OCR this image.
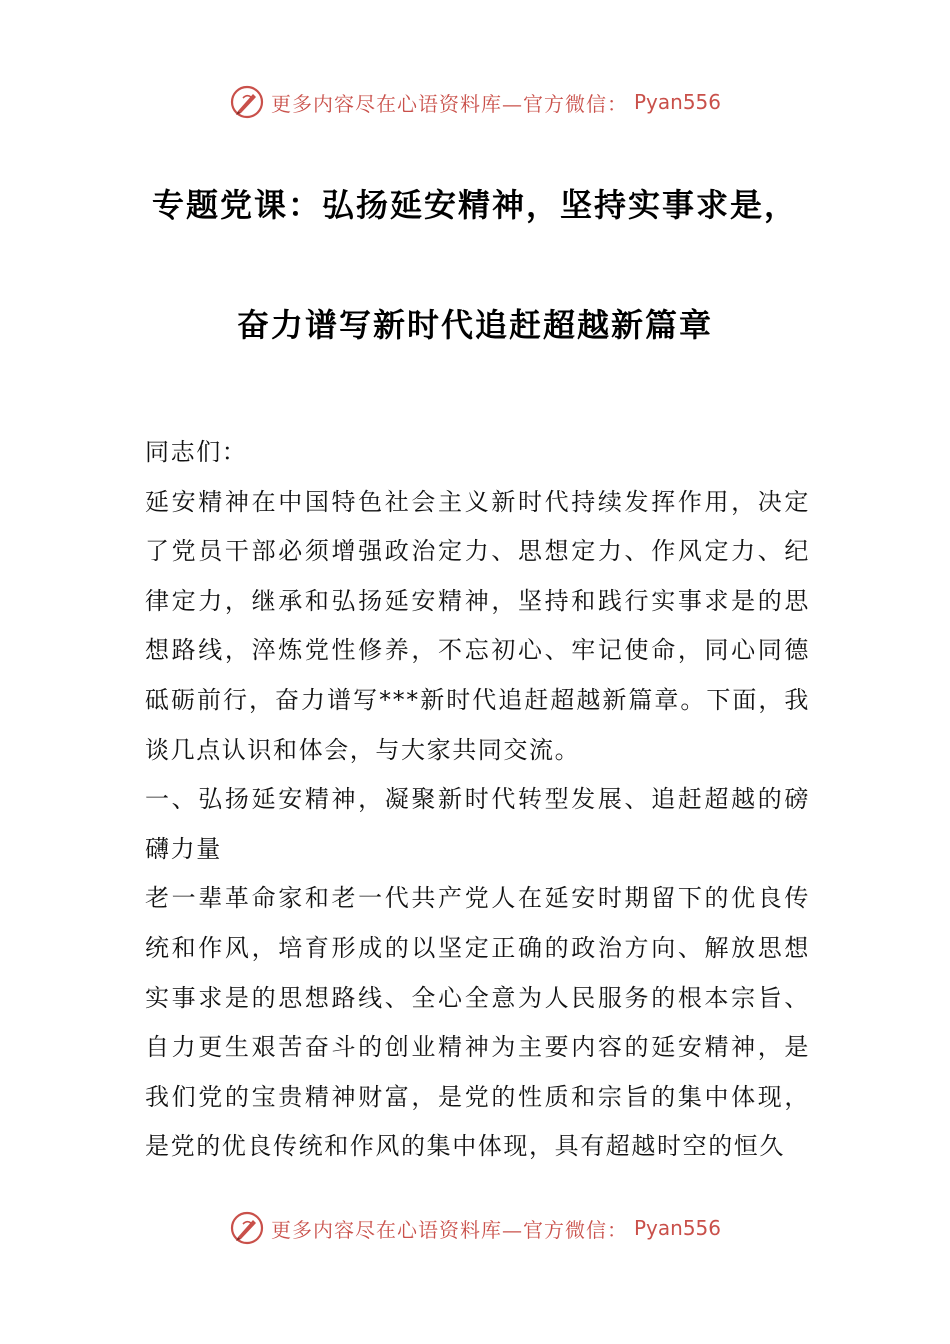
更多内容尽在心语资料库—官方微信： Pyan556
专题党课：弘扬延安精神，坚持实事求是，
奋力谱写新时代追赶超越新篇章

同志们：

延安精神在中国特色社会主义新时代持续发挥作用，决定了党员干部必须增强政治定力、思想定力、作风定力、纪律定力，继承和弘扬延安精神，坚持和践行实事求是的思想路线，淬炼党性修养，不忘初心、牢记使命，同心同德砥砺前行，奋力谱写***新时代追赶超越新篇章。下面，我谈几点认识和体会，与大家共同交流。

一、弘扬延安精神，凝聚新时代转型发展、追赶超越的磅礴力量

老一辈革命家和老一代共产党人在延安时期留下的优良传统和作风，培育形成的以坚定正确的政治方向、解放思想实事求是的思想路线、全心全意为人民服务的根本宗旨、自力更生艰苦奋斗的创业精神为主要内容的延安精神，是我们党的宝贵精神财富，是党的性质和宗旨的集中体现，是党的优良传统和作风的集中体现，具有超越时空的恒久

更多内容尽在心语资料库—官方微信： Pyan556
